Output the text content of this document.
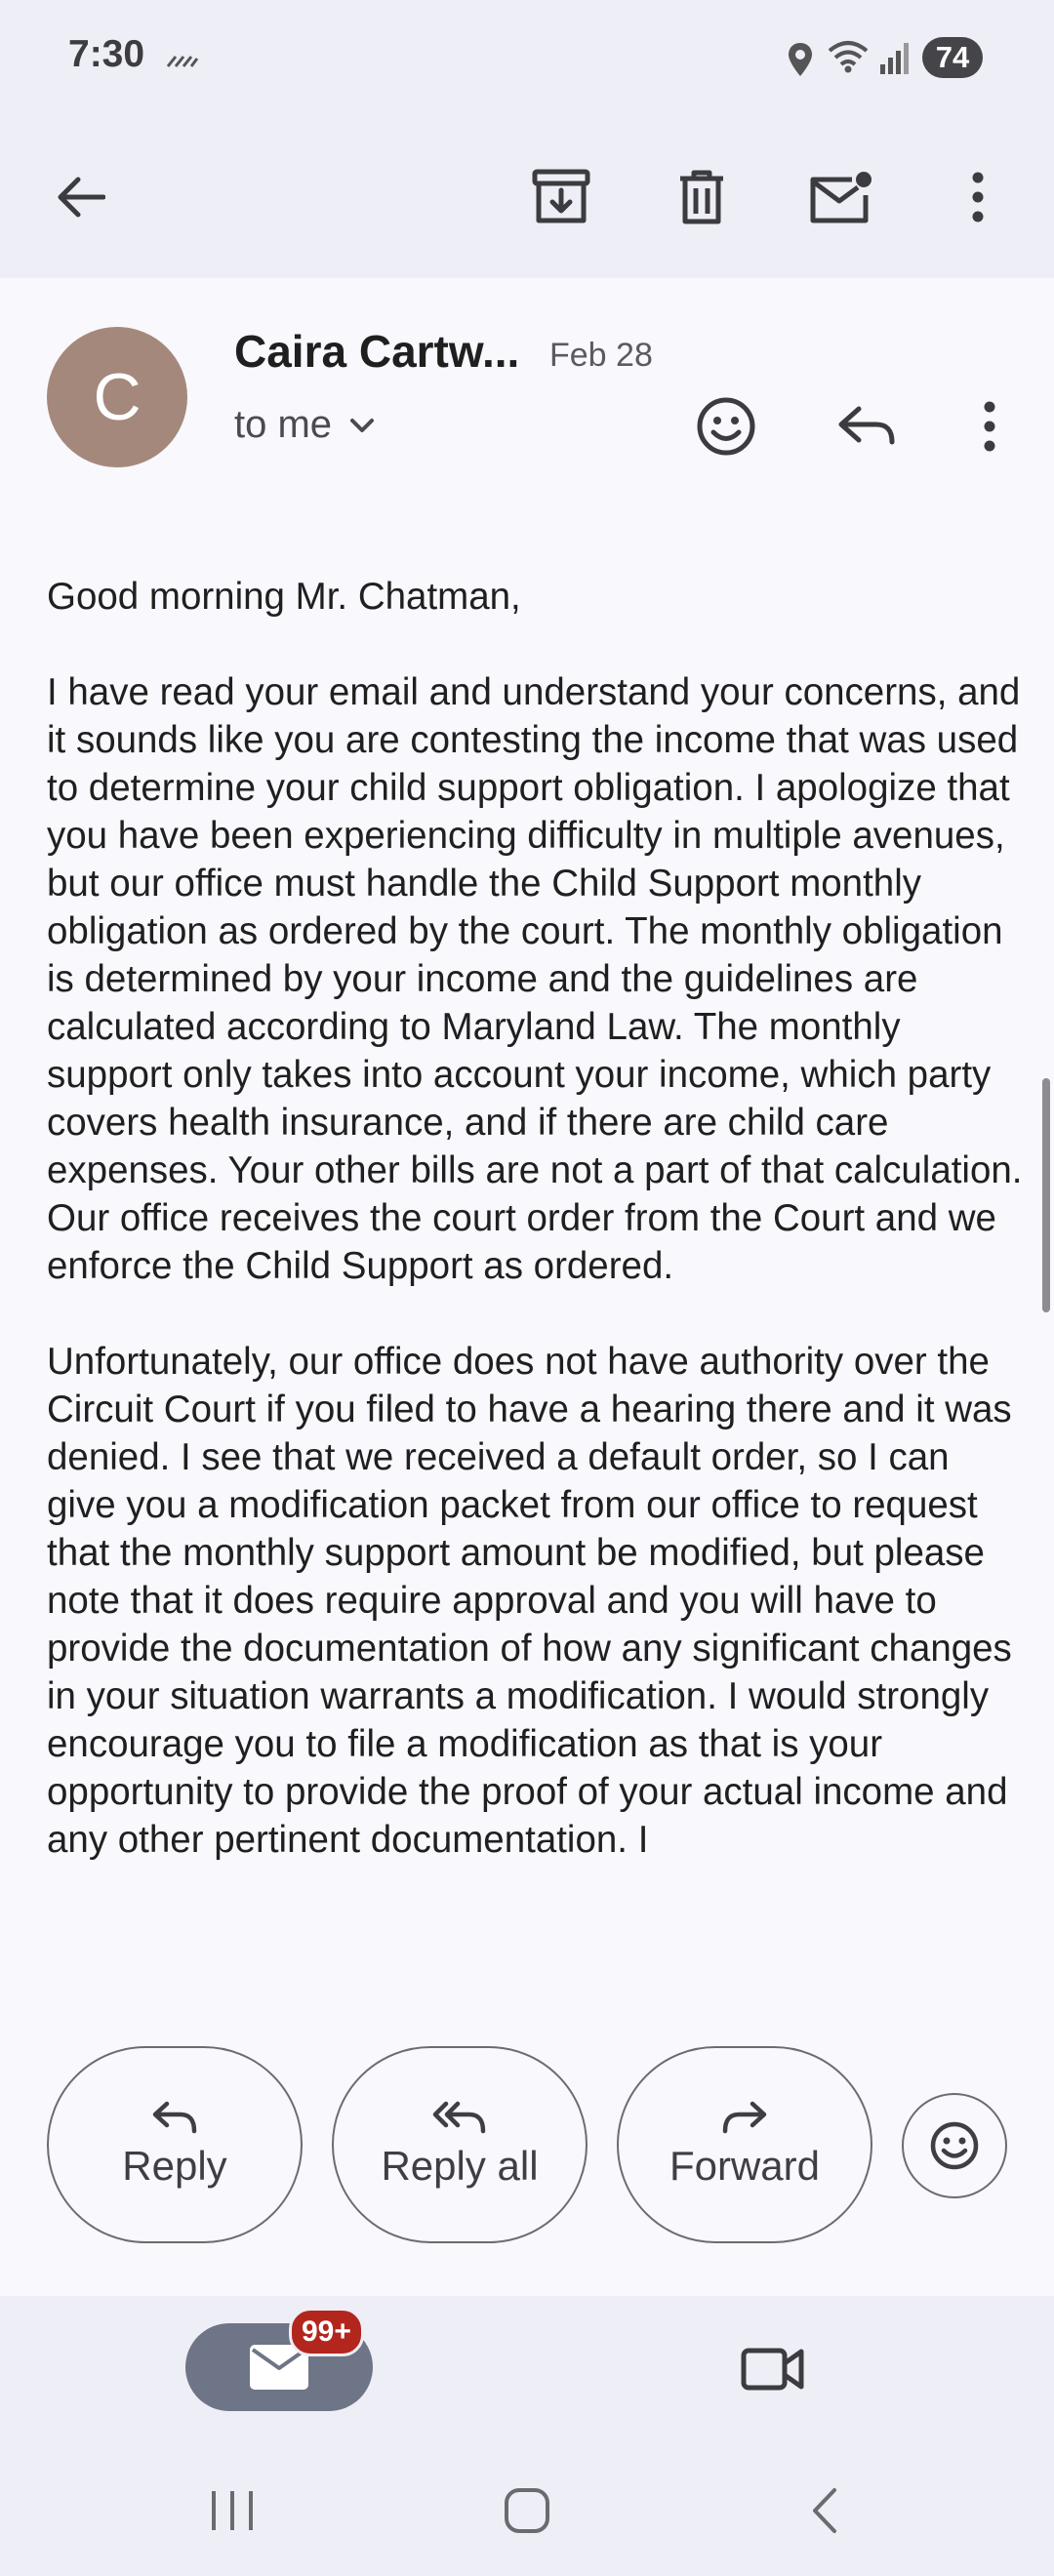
7:30	74
C
Caira Cartw... Feb 28
to me

Good morning Mr. Chatman,

I have read your email and understand your concerns, and it sounds like you are contesting the income that was used to determine your child support obligation. I apologize that you have been experiencing difficulty in multiple avenues, but our office must handle the Child Support monthly obligation as ordered by the court. The monthly obligation is determined by your income and the guidelines are calculated according to Maryland Law. The monthly support only takes into account your income, which party covers health insurance, and if there are child care expenses. Your other bills are not a part of that calculation. Our office receives the court order from the Court and we enforce the Child Support as ordered.

Unfortunately, our office does not have authority over the Circuit Court if you filed to have a hearing there and it was denied. I see that we received a default order, so I can give you a modification packet from our office to request that the monthly support amount be modified, but please note that it does require approval and you will have to provide the documentation of how any significant changes in your situation warrants a modification. I would strongly encourage you to file a modification as that is your opportunity to provide the proof of your actual income and any other pertinent documentation. I

Reply	Reply all	Forward
99+
